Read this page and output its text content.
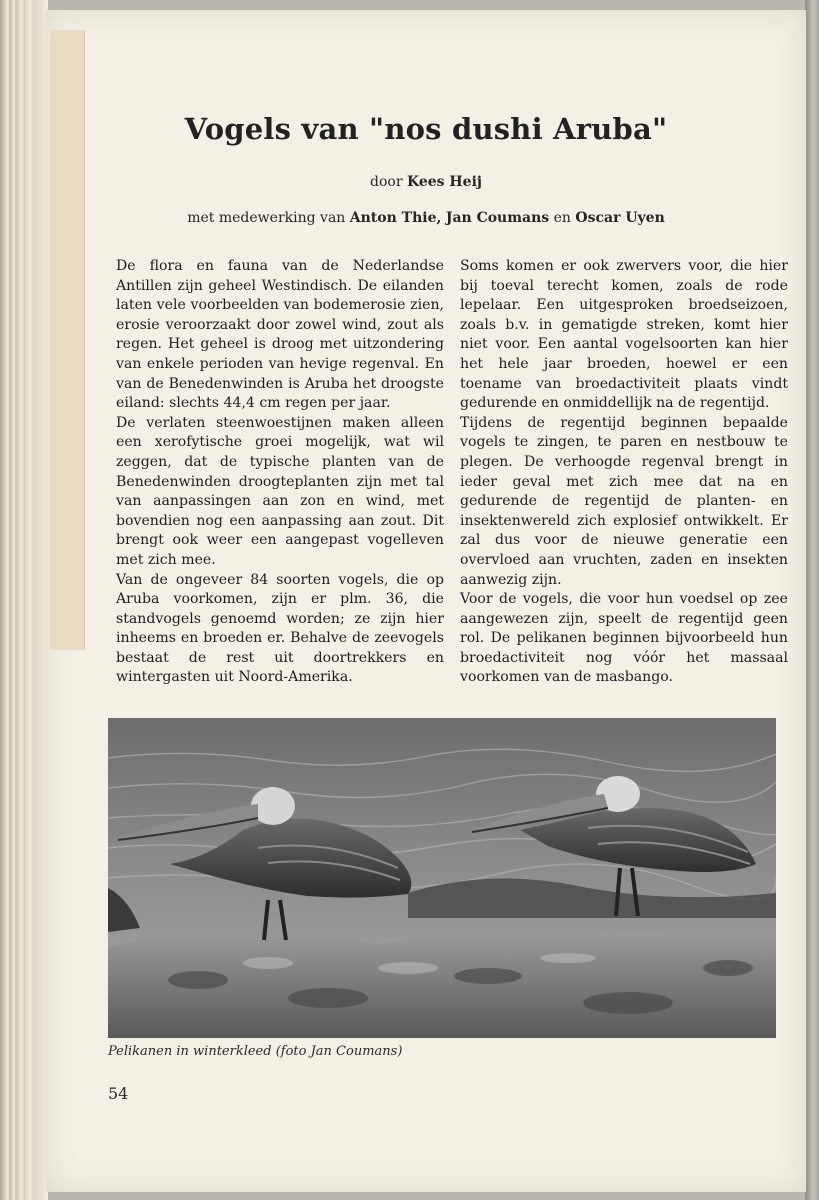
Vogels van "nos dushi Aruba"
door Kees Heij
met medewerking van Anton Thie, Jan Coumans en Oscar Uyen

De flora en fauna van de Nederlandse Antillen zijn geheel Westindisch. De eilanden laten vele voorbeelden van bodemerosie zien, erosie veroorzaakt door zowel wind, zout als regen. Het geheel is droog met uitzondering van enkele perioden van hevige regenval. En van de Benedenwinden is Aruba het droogste eiland: slechts 44,4 cm regen per jaar.

De verlaten steenwoestijnen maken alleen een xerofytische groei mogelijk, wat wil zeggen, dat de typische planten van de Benedenwinden droogteplanten zijn met tal van aanpassingen aan zon en wind, met bovendien nog een aanpassing aan zout. Dit brengt ook weer een aangepast vogelleven met zich mee.

Van de ongeveer 84 soorten vogels, die op Aruba voorkomen, zijn er plm. 36, die standvogels genoemd worden; ze zijn hier inheems en broeden er. Behalve de zeevogels bestaat de rest uit doortrekkers en wintergasten uit Noord-Amerika.

Soms komen er ook zwervers voor, die hier bij toeval terecht komen, zoals de rode lepelaar. Een uitgesproken broedseizoen, zoals b.v. in gematigde streken, komt hier niet voor. Een aantal vogelsoorten kan hier het hele jaar broeden, hoewel er een toename van broedactiviteit plaats vindt gedurende en onmiddellijk na de regentijd.

Tijdens de regentijd beginnen bepaalde vogels te zingen, te paren en nestbouw te plegen. De verhoogde regenval brengt in ieder geval met zich mee dat na en gedurende de regentijd de planten- en insektenwereld zich explosief ontwikkelt. Er zal dus voor de nieuwe generatie een overvloed aan vruchten, zaden en insekten aanwezig zijn.

Voor de vogels, die voor hun voedsel op zee aangewezen zijn, speelt de regentijd geen rol. De pelikanen beginnen bijvoorbeeld hun broedactiviteit nog vóór het massaal voorkomen van de masbango.

Pelikanen in winterkleed (foto Jan Coumans)
54
